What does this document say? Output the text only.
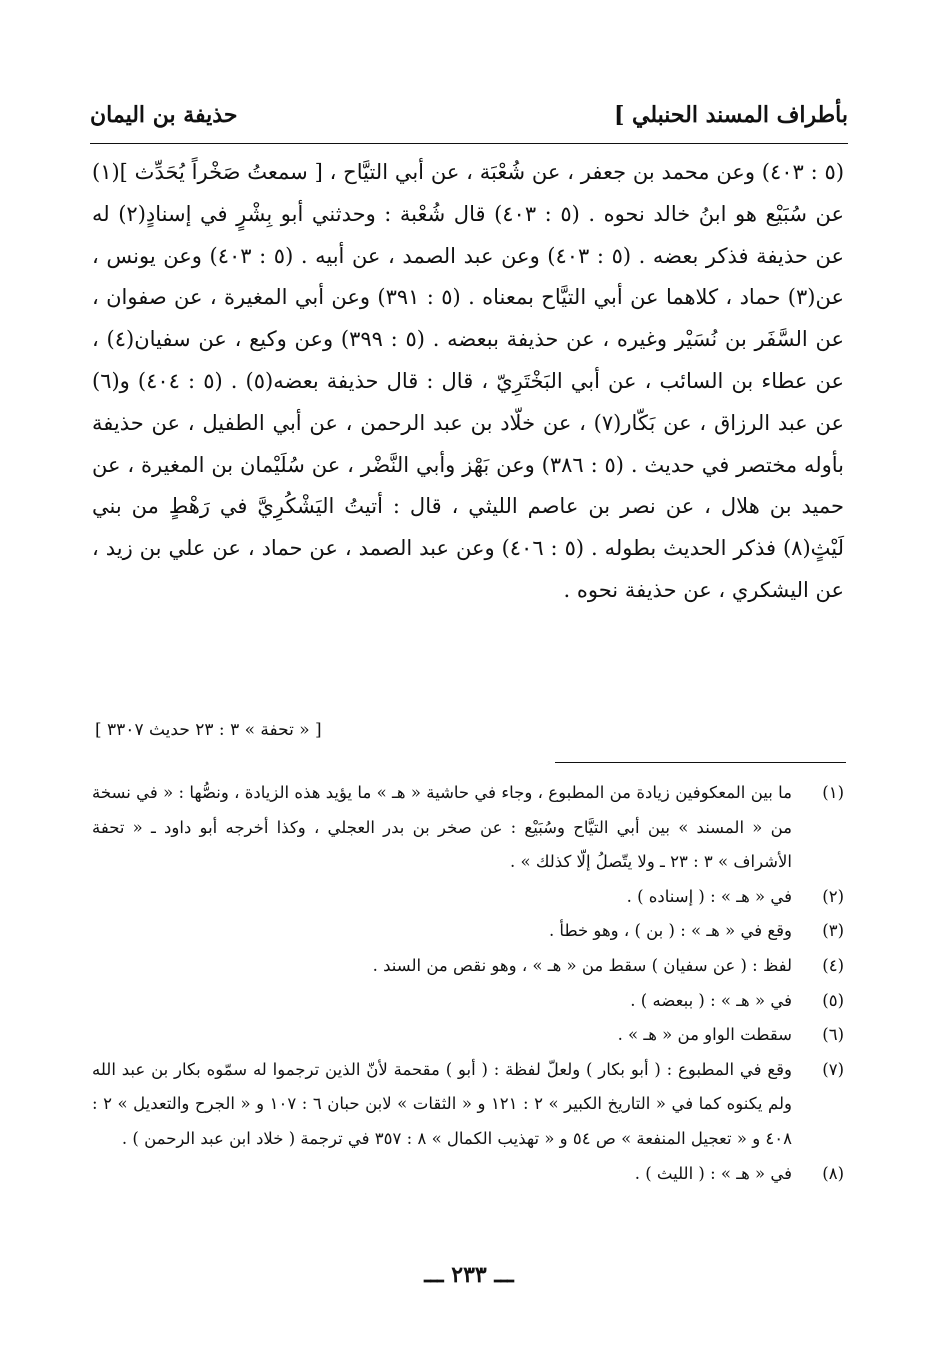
بأطراف المسند الحنبلي ]
حذيفة بن اليمان

(٥ : ٤٠٣) وعن محمد بن جعفر ، عن شُعْبَة ، عن أبي التيَّاح ، [ سمعتُ صَخْراً يُحَدِّث ](١) عن سُبَيْع هو ابنُ خالد نحوه . (٥ : ٤٠٣) قال شُعْبة : وحدثني أبو بِشْرٍ في إسنادٍ(٢) له عن حذيفة فذكر بعضه . (٥ : ٤٠٣) وعن عبد الصمد ، عن أبيه . (٥ : ٤٠٣) وعن يونس ، عن(٣) حماد ، كلاهما عن أبي التيَّاح بمعناه . (٥ : ٣٩١) وعن أبي المغيرة ، عن صفوان ، عن السَّفَر بن نُسَيْر وغيره ، عن حذيفة ببعضه . (٥ : ٣٩٩) وعن وكيع ، عن سفيان(٤) ، عن عطاء بن السائب ، عن أبي البَخْتَرِيّ ، قال : قال حذيفة بعضه(٥) . (٥ : ٤٠٤) و(٦) عن عبد الرزاق ، عن بَكّار(٧) ، عن خلّاد بن عبد الرحمن ، عن أبي الطفيل ، عن حذيفة بأوله مختصر في حديث . (٥ : ٣٨٦) وعن بَهْز وأبي النَّضْر ، عن سُلَيْمان بن المغيرة ، عن حميد بن هلال ، عن نصر بن عاصم الليثي ، قال : أتيتُ اليَشْكُرِيَّ في رَهْطٍ من بني لَيْثٍ(٨) فذكر الحديث بطوله . (٥ : ٤٠٦) وعن عبد الصمد ، عن حماد ، عن علي بن زيد ، عن اليشكري ، عن حذيفة نحوه .

[ « تحفة » ٣ : ٢٣ حديث ٣٣٠٧ ]
(١)
ما بين المعكوفين زيادة من المطبوع ، وجاء في حاشية « هـ » ما يؤيد هذه الزيادة ، ونصُّها : « في نسخة من « المسند » بين أبي التيَّاح وسُبَيْع : عن صخر بن بدر العجلي ، وكذا أخرجه أبو داود ـ « تحفة الأشراف » ٣ : ٢٣ ـ ولا يتّصلُ إلّا كذلك » .
(٢)
في « هـ » : ( إسناده ) .
(٣)
وقع في « هـ » : ( بن ) ، وهو خطأ .
(٤)
لفظ : ( عن سفيان ) سقط من « هـ » ، وهو نقص من السند .
(٥)
في « هـ » : ( ببعضه ) .
(٦)
سقطت الواو من « هـ » .
(٧)
وقع في المطبوع : ( أبو بكار ) ولعلّ لفظة : ( أبو ) مقحمة لأنّ الذين ترجموا له سمّوه بكار بن عبد الله ولم يكنوه كما في « التاريخ الكبير » ٢ : ١٢١ و « الثقات » لابن حبان ٦ : ١٠٧ و « الجرح والتعديل » ٢ : ٤٠٨ و « تعجيل المنفعة » ص ٥٤ و « تهذيب الكمال » ٨ : ٣٥٧ في ترجمة ( خلاد ابن عبد الرحمن ) .
(٨)
في « هـ » : ( الليث ) .
ـــ ٢٣٣ ـــ
